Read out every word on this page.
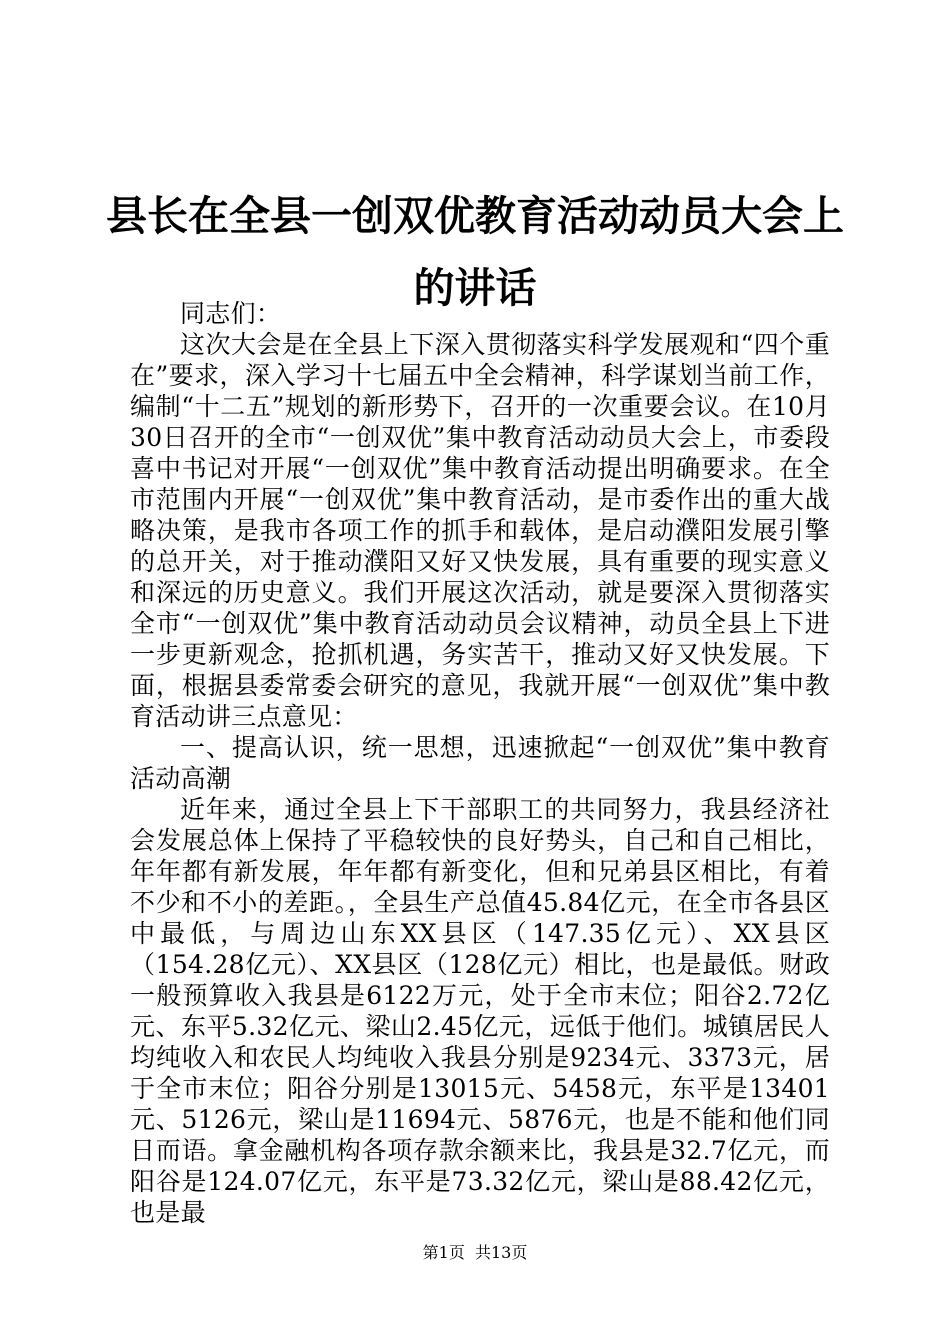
县长在全县一创双优教育活动动员大会上的讲话

同志们：

这次大会是在全县上下深入贯彻落实科学发展观和“四个重在”要求，深入学习十七届五中全会精神，科学谋划当前工作，编制“十二五”规划的新形势下，召开的一次重要会议。在10月30日召开的全市“一创双优”集中教育活动动员大会上，市委段喜中书记对开展“一创双优”集中教育活动提出明确要求。在全市范围内开展“一创双优”集中教育活动，是市委作出的重大战略决策，是我市各项工作的抓手和载体，是启动濮阳发展引擎的总开关，对于推动濮阳又好又快发展，具有重要的现实意义和深远的历史意义。我们开展这次活动，就是要深入贯彻落实全市“一创双优”集中教育活动动员会议精神，动员全县上下进一步更新观念，抢抓机遇，务实苦干，推动又好又快发展。下面，根据县委常委会研究的意见，我就开展“一创双优”集中教育活动讲三点意见：

一、提高认识，统一思想，迅速掀起“一创双优”集中教育活动高潮

近年来，通过全县上下干部职工的共同努力，我县经济社会发展总体上保持了平稳较快的良好势头，自己和自己相比，年年都有新发展，年年都有新变化，但和兄弟县区相比，有着不少和不小的差距。，全县生产总值45.84亿元，在全市各县区中最低，与周边山东XX县区（147.35亿元）、XX县区（154.28亿元）、XX县区（128亿元）相比，也是最低。财政一般预算收入我县是6122万元，处于全市末位；阳谷2.72亿元、东平5.32亿元、梁山2.45亿元，远低于他们。城镇居民人均纯收入和农民人均纯收入我县分别是9234元、3373元，居于全市末位；阳谷分别是13015元、5458元，东平是13401元、5126元，梁山是11694元、5876元，也是不能和他们同日而语。拿金融机构各项存款余额来比，我县是32.7亿元，而阳谷是124.07亿元，东平是73.32亿元，梁山是88.42亿元，也是最

第1页  共13页
